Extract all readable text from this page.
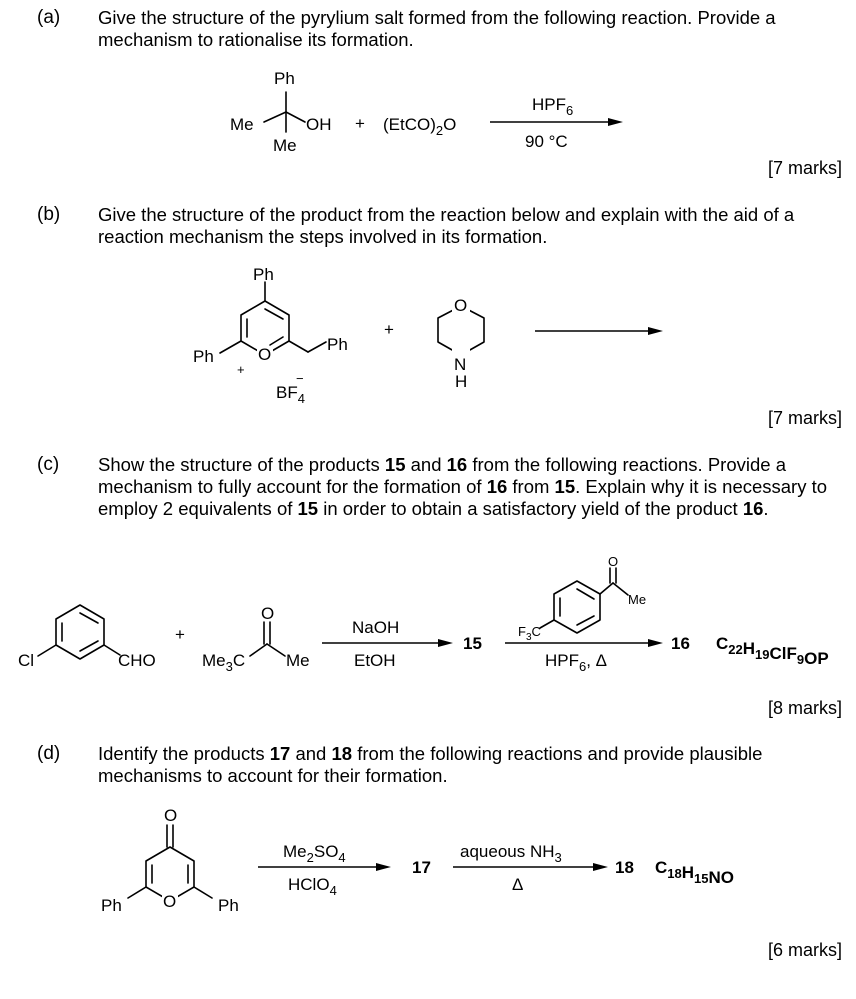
(a) Give the structure of the pyrylium salt formed from the following reaction. Provide a mechanism to rationalise its formation.
Ph
Me	OH
Me
+ $(EtCO)_2O$
$HPF_6$
90 °C
[7 marks]
(b) Give the structure of the product from the reaction below and explain with the aid of a reaction mechanism the steps involved in its formation.
O
Ph
Ph
Ph
+
$BF_4-$
+
O
N
H
[7 marks]
(c) Show the structure of the products 15 and 16 from the following reactions. Provide a mechanism to fully account for the formation of 16 from 15. Explain why it is necessary to employ 2 equivalents of 15 in order to obtain a satisfactory yield of the product 16.
Cl	CHO
+
O
$Me_3C$ Me
NaOH
EtOH
15
O
Me
$F_3C$
$HPF_6$, Δ
16 $C_{22}H_{19}ClF_9OP$
[8 marks]
(d) Identify the products 17 and 18 from the following reactions and provide plausible mechanisms to account for their formation.
O
O
Ph	Ph
$Me_2SO_4$
HClO$_4$
17
aqueous $NH_3$
Δ
18 $C_{18}H_{15}NO$
[6 marks]
